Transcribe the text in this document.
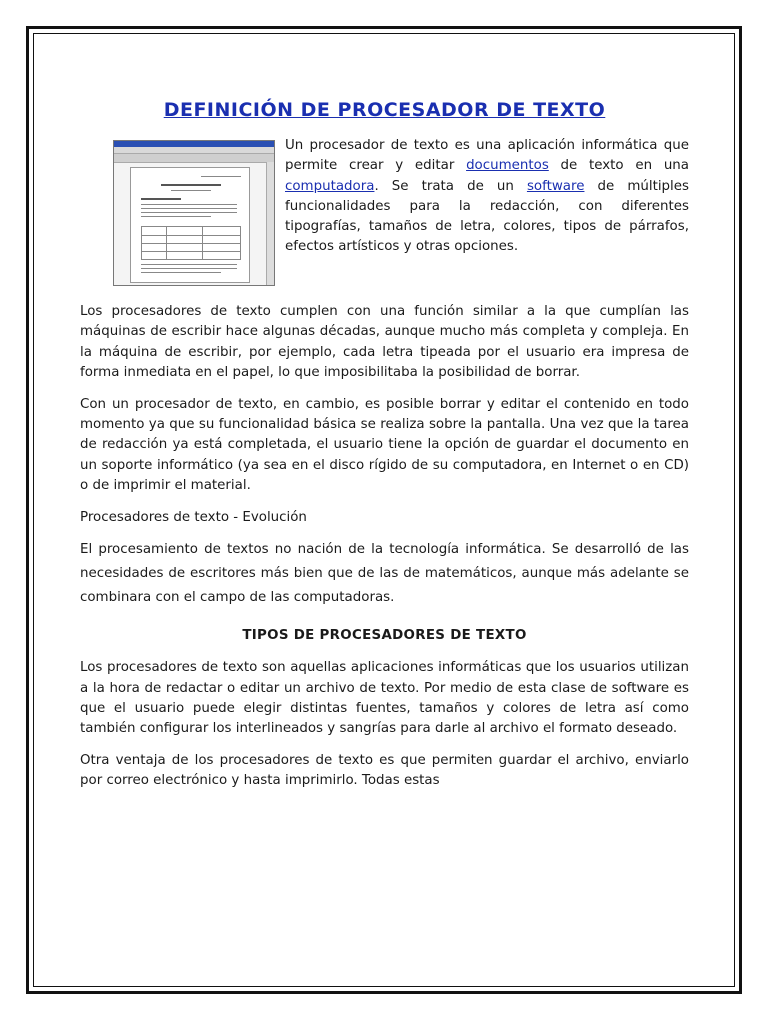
DEFINICIÓN DE PROCESADOR DE TEXTO

Un procesador de texto es una aplicación informática que permite crear y editar documentos de texto en una computadora. Se trata de un software de múltiples funcionalidades para la redacción, con diferentes tipografías, tamaños de letra, colores, tipos de párrafos, efectos artísticos y otras opciones.

Los procesadores de texto cumplen con una función similar a la que cumplían las máquinas de escribir hace algunas décadas, aunque mucho más completa y compleja. En la máquina de escribir, por ejemplo, cada letra tipeada por el usuario era impresa de forma inmediata en el papel, lo que imposibilitaba la posibilidad de borrar.

Con un procesador de texto, en cambio, es posible borrar y editar el contenido en todo momento ya que su funcionalidad básica se realiza sobre la pantalla. Una vez que la tarea de redacción ya está completada, el usuario tiene la opción de guardar el documento en un soporte informático (ya sea en el disco rígido de su computadora, en Internet o en CD) o de imprimir el material.

Procesadores de texto - Evolución

El procesamiento de textos no nación de la tecnología informática. Se desarrolló de las necesidades de escritores más bien que de las de matemáticos, aunque más adelante se combinara con el campo de las computadoras.

TIPOS DE PROCESADORES DE TEXTO

Los procesadores de texto son aquellas aplicaciones informáticas que los usuarios utilizan a la hora de redactar o editar un archivo de texto. Por medio de esta clase de software es que el usuario puede elegir distintas fuentes, tamaños y colores de letra así como también configurar los interlineados y sangrías para darle al archivo el formato deseado.

Otra ventaja de los procesadores de texto es que permiten guardar el archivo, enviarlo por correo electrónico y hasta imprimirlo. Todas estas
